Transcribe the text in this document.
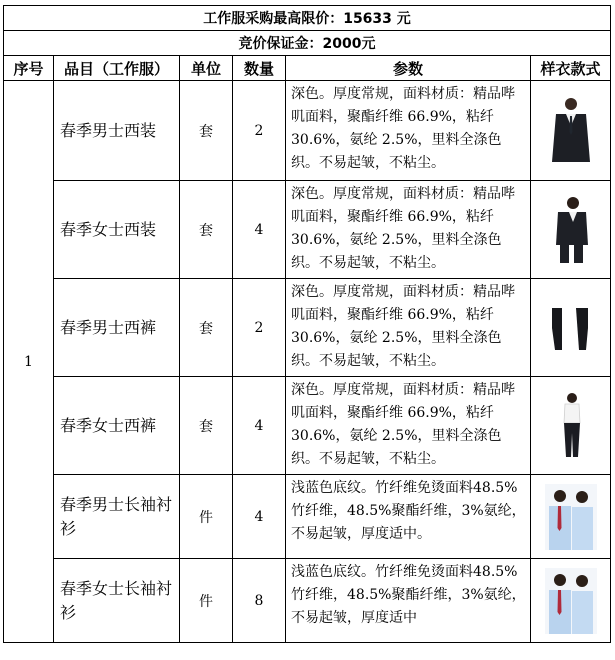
工作服采购最高限价：15633 元					
竞价保证金：2000元					
序号	品目（工作服）	单位	数量	参数	样衣款式
1	春季男士西装	套	2	深色。厚度常规，面料材质：精品哔叽面料，聚酯纤维 66.9%，粘纤 30.6%，氨纶 2.5%，里料全涤色织。不易起皱，不粘尘。	

	春季女士西装	套	4	深色。厚度常规，面料材质：精品哔叽面料，聚酯纤维 66.9%，粘纤 30.6%，氨纶 2.5%，里料全涤色织。不易起皱，不粘尘。	

	春季男士西裤	套	2	深色。厚度常规，面料材质：精品哔叽面料，聚酯纤维 66.9%，粘纤 30.6%，氨纶 2.5%，里料全涤色织。不易起皱，不粘尘。	

	春季女士西裤	套	4	深色。厚度常规，面料材质：精品哔叽面料，聚酯纤维 66.9%，粘纤 30.6%，氨纶 2.5%，里料全涤色织。不易起皱，不粘尘。	

	春季男士长袖衬衫	件	4	浅蓝色底纹。竹纤维免烫面料48.5%竹纤维，48.5%聚酯纤维，3%氨纶，不易起皱，厚度适中。	

	春季女士长袖衬衫	件	8	浅蓝色底纹。竹纤维免烫面料48.5%竹纤维，48.5%聚酯纤维，3%氨纶，不易起皱，厚度适中	
